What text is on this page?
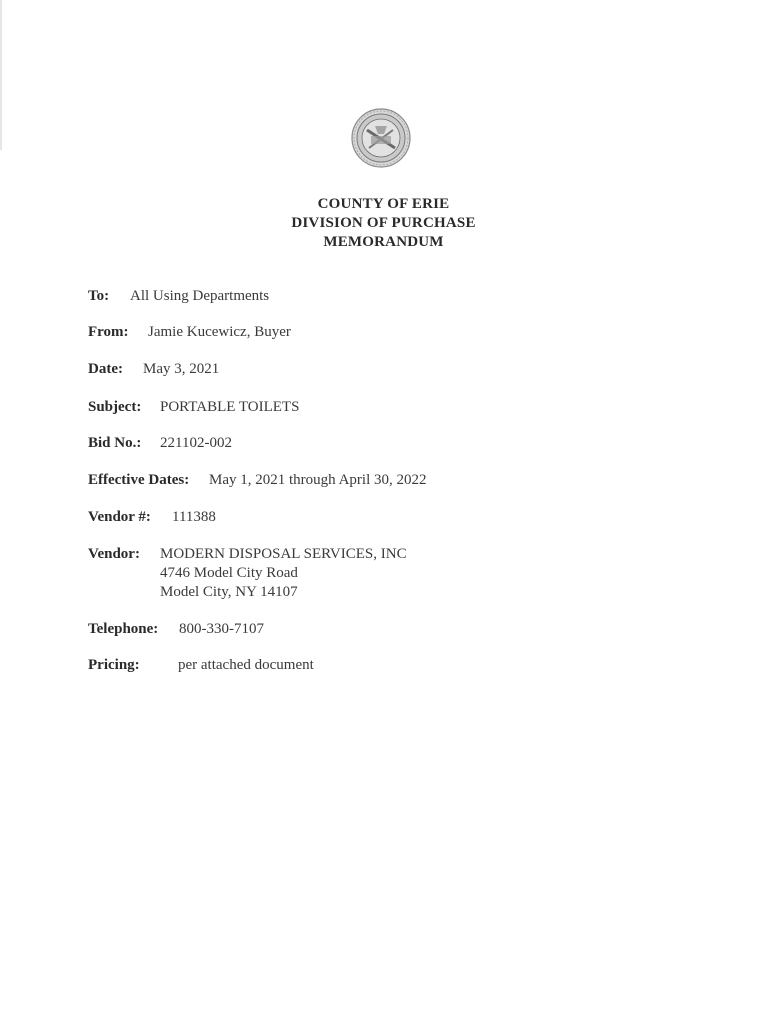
COUNTY OF ERIE
DIVISION OF PURCHASE
MEMORANDUM
To: All Using Departments
From: Jamie Kucewicz, Buyer
Date: May 3, 2021
Subject: PORTABLE TOILETS
Bid No.: 221102-002
Effective Dates: May 1, 2021 through April 30, 2022
Vendor #: 111388
Vendor: MODERN DISPOSAL SERVICES, INC
4746 Model City Road
Model City, NY 14107
Telephone: 800-330-7107
Pricing:	per attached document
